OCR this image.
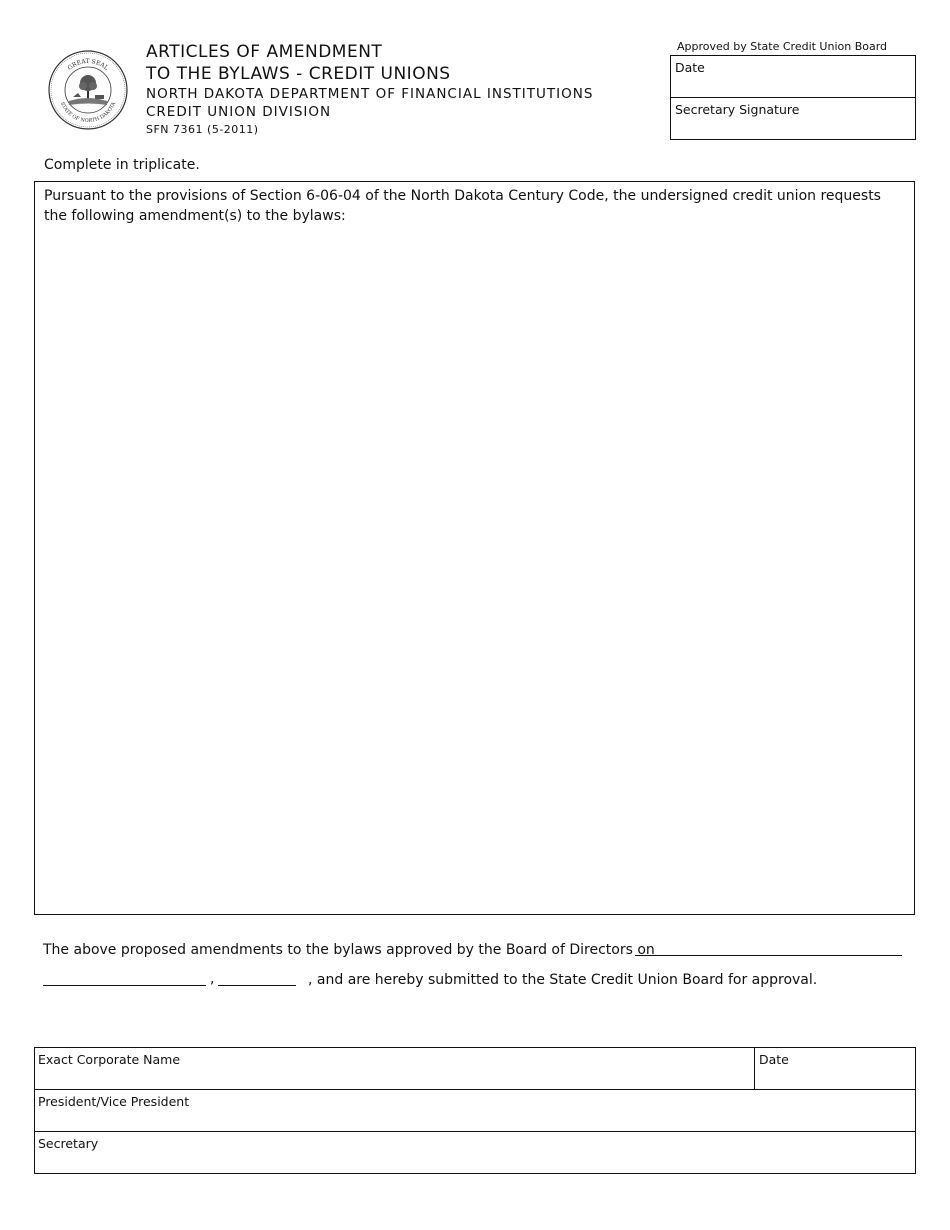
GREAT SEAL
STATE OF NORTH DAKOTA
ARTICLES OF AMENDMENT
TO THE BYLAWS - CREDIT UNIONS
NORTH DAKOTA DEPARTMENT OF FINANCIAL INSTITUTIONS
CREDIT UNION DIVISION
SFN 7361 (5-2011)
Approved by State Credit Union Board
Date
Secretary Signature
Complete in triplicate.
Pursuant to the provisions of Section 6-06-04 of the North Dakota Century Code, the undersigned credit union requests the following amendment(s) to the bylaws:
The above proposed amendments to the bylaws approved by the Board of Directors on
,	, and are hereby submitted to the State Credit Union Board for approval.
Exact Corporate Name	Date
President/Vice President
Secretary
